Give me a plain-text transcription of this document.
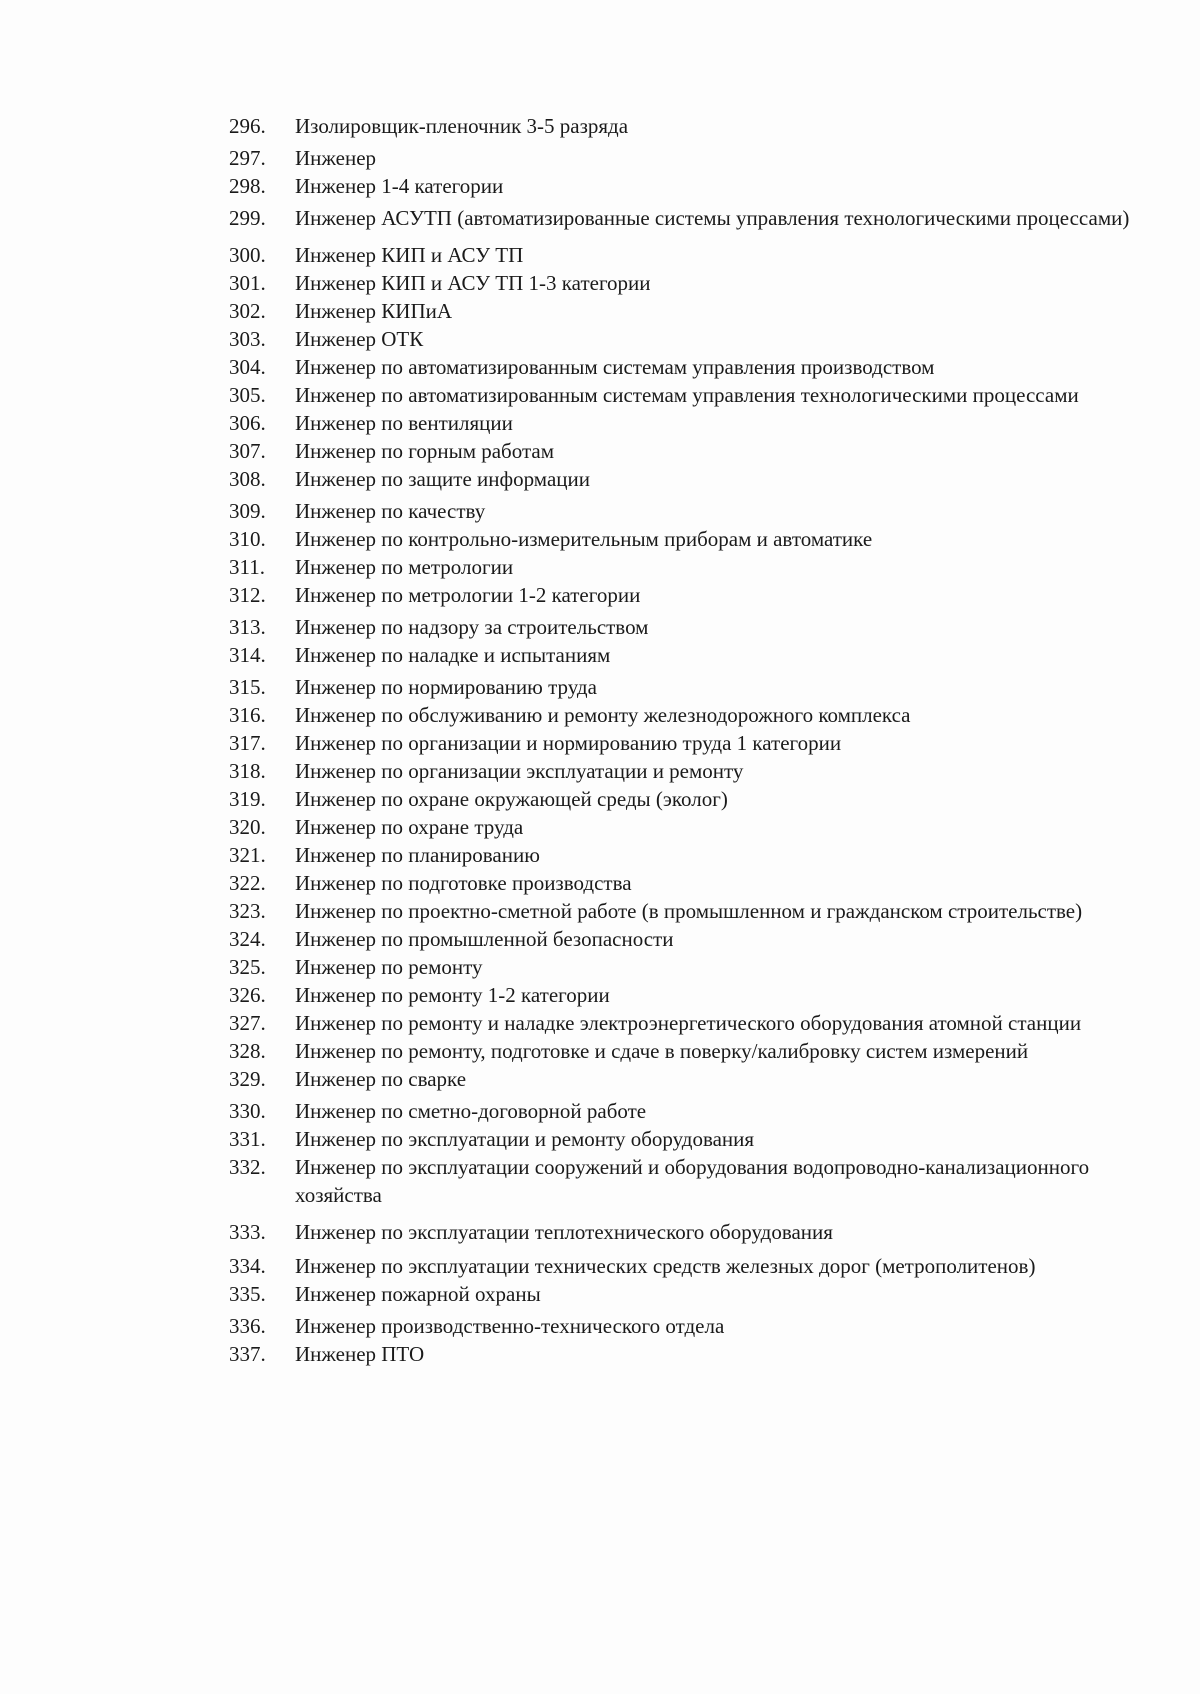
296.	Изолировщик-пленочник 3-5 разряда
297.	Инженер
298.	Инженер 1-4 категории
299.	Инженер АСУТП (автоматизированные системы управления технологическими процессами)
300.	Инженер КИП и АСУ ТП
301.	Инженер КИП и АСУ ТП 1-3 категории
302.	Инженер КИПиА
303.	Инженер ОТК
304.	Инженер по автоматизированным системам управления производством
305.	Инженер по автоматизированным системам управления технологическими процессами
306.	Инженер по вентиляции
307.	Инженер по горным работам
308.	Инженер по защите информации
309.	Инженер по качеству
310.	Инженер по контрольно-измерительным приборам и автоматике
311.	Инженер по метрологии
312.	Инженер по метрологии 1-2 категории
313.	Инженер по надзору за строительством
314.	Инженер по наладке и испытаниям
315.	Инженер по нормированию труда
316.	Инженер по обслуживанию и ремонту железнодорожного комплекса
317.	Инженер по организации и нормированию труда 1 категории
318.	Инженер по организации эксплуатации и ремонту
319.	Инженер по охране окружающей среды (эколог)
320.	Инженер по охране труда
321.	Инженер по планированию
322.	Инженер по подготовке производства
323.	Инженер по проектно-сметной работе (в промышленном и гражданском строительстве)
324.	Инженер по промышленной безопасности
325.	Инженер по ремонту
326.	Инженер по ремонту 1-2 категории
327.	Инженер по ремонту и наладке электроэнергетического оборудования атомной станции
328.	Инженер по ремонту, подготовке и сдаче в поверку/калибровку систем измерений
329.	Инженер по сварке
330.	Инженер по сметно-договорной работе
331.	Инженер по эксплуатации и ремонту оборудования
332.	Инженер по эксплуатации сооружений и оборудования водопроводно-канализационного хозяйства
333.	Инженер по эксплуатации теплотехнического оборудования
334.	Инженер по эксплуатации технических средств железных дорог (метрополитенов)
335.	Инженер пожарной охраны
336.	Инженер производственно-технического отдела
337.	Инженер ПТО
